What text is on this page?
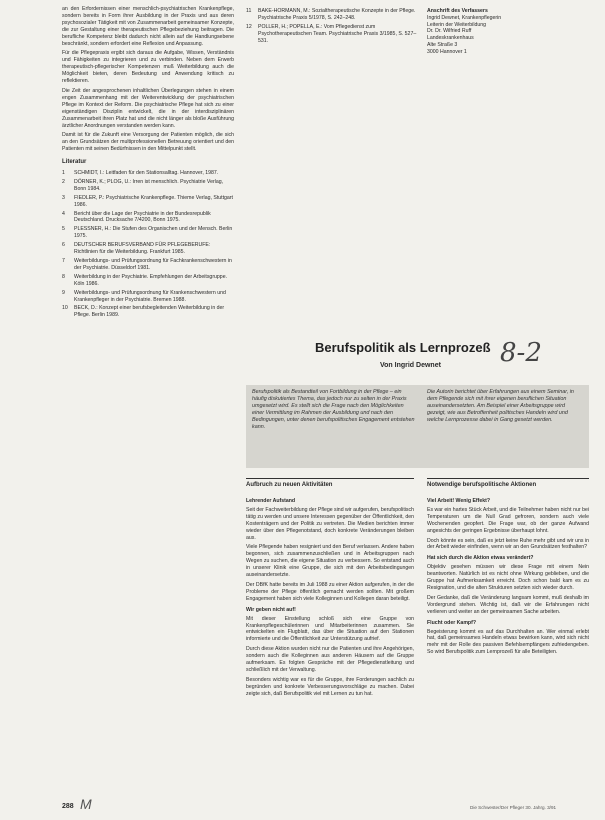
an den Erfordernissen einer menschlich-psychiatrischen Krankenpflege, sondern bereits in Form ihrer Ausbildung in der Praxis und aus deren psychosozialer Tätigkeit mit von Zusammenarbeit gemeinsamer Konzepte, die zur Gestaltung einer therapeutischen Pflegebeziehung beitragen. Die berufliche Kompetenz bleibt dadurch nicht allein auf die Handlungsebene beschränkt, sondern erfordert eine Reflexion und Anpassung.

Für die Pflegepraxis ergibt sich daraus die Aufgabe, Wissen, Verständnis und Fähigkeiten zu integrieren und zu verbinden. Neben dem Erwerb therapeutisch-pflegerischer Kompetenzen muß Weiterbildung auch die Möglichkeit bieten, deren Bedeutung und Anwendung kritisch zu reflektieren.

Die Zeit der angesprochenen inhaltlichen Überlegungen stehen in einem engen Zusammenhang mit der Weiterentwicklung der psychiatrischen Pflege im Kontext der Reform. Die psychiatrische Pflege hat sich zu einer eigenständigen Disziplin entwickelt, die in der interdisziplinären Zusammenarbeit ihren Platz hat und die nicht länger als bloße Ausführung ärztlicher Anordnungen verstanden werden kann.

Damit ist für die Zukunft eine Versorgung der Patienten möglich, die sich an den Grundsätzen der multiprofessionellen Betreuung orientiert und den Patienten mit seinen Bedürfnissen in den Mittelpunkt stellt.

Literatur
1	SCHMIDT, I.: Leitfaden für den Stationsalltag. Hannover, 1987.
2	DÖRNER, K.; PLOG, U.: Irren ist menschlich. Psychiatrie Verlag, Bonn 1984.
3	FIEDLER, P.: Psychiatrische Krankenpflege. Thieme Verlag, Stuttgart 1986.
4	Bericht über die Lage der Psychiatrie in der Bundesrepublik Deutschland. Drucksache 7/4200, Bonn 1975.
5	PLESSNER, H.: Die Stufen des Organischen und der Mensch. Berlin 1975.
6	DEUTSCHER BERUFSVERBAND FÜR PFLEGEBERUFE: Richtlinien für die Weiterbildung. Frankfurt 1985.
7	Weiterbildungs- und Prüfungsordnung für Fachkrankenschwestern in der Psychiatrie. Düsseldorf 1981.
8	Weiterbildung in der Psychiatrie. Empfehlungen der Arbeitsgruppe. Köln 1986.
9	Weiterbildungs- und Prüfungsordnung für Krankenschwestern und Krankenpfleger in der Psychiatrie. Bremen 1988.
10	BECK, D.: Konzept einer berufsbegleitenden Weiterbildung in der Pflege. Berlin 1989.
11	BAKE-HORMANN, M.: Sozialtherapeutische Konzepte in der Pflege. Psychiatrische Praxis 5/1978, S. 242–248.
12	POLLER, H.; POPELLA, E.: Vom Pflegedienst zum Psychotherapeutischen Team. Psychiatrische Praxis 3/1985, S. 527–531.
Anschrift des Verfassers
Ingrid Dewnet, Krankenpflegerin
Leiterin der Weiterbildung
Dr. Dr. Wilfried Ruff
Landeskrankenhaus
Alte Straße 3
3000 Hannover 1
Berufspolitik als Lernprozeß
Von Ingrid Dewnet 8-2
Berufspolitik als Bestandteil von Fortbildung in der Pflege – ein häufig diskutiertes Thema, das jedoch nur zu selten in der Praxis umgesetzt wird. Es stellt sich die Frage nach den Möglichkeiten einer Vermittlung im Rahmen der Ausbildung und nach den Bedingungen, unter denen berufspolitisches Engagement entstehen kann.
Die Autorin berichtet über Erfahrungen aus einem Seminar, in dem Pflegende sich mit ihrer eigenen beruflichen Situation auseinandersetzten. Am Beispiel einer Arbeitsgruppe wird gezeigt, wie aus Betroffenheit politisches Handeln wird und welche Lernprozesse dabei in Gang gesetzt werden.
Aufbruch zu neuen Aktivitäten	Notwendige berufspolitische Aktionen
Lehrender Aufstand

Seit der Fachweiterbildung der Pflege sind wir aufgerufen, berufspolitisch tätig zu werden und unsere Interessen gegenüber der Öffentlichkeit, den Kostenträgern und der Politik zu vertreten. Die Medien berichten immer wieder über den Pflegenotstand, doch konkrete Veränderungen bleiben aus.

Viele Pflegende haben resigniert und den Beruf verlassen. Andere haben begonnen, sich zusammenzuschließen und in Arbeitsgruppen nach Wegen zu suchen, die eigene Situation zu verbessern. So entstand auch in unserer Klinik eine Gruppe, die sich mit den Arbeitsbedingungen auseinandersetzte.

Der DBfK hatte bereits im Juli 1988 zu einer Aktion aufgerufen, in der die Probleme der Pflege öffentlich gemacht werden sollten. Mit großem Engagement haben sich viele Kolleginnen und Kollegen daran beteiligt.

Wir geben nicht auf!

Mit dieser Einstellung schloß sich eine Gruppe von Krankenpflegeschülerinnen und Mitarbeiterinnen zusammen. Sie entwickelten ein Flugblatt, das über die Situation auf den Stationen informierte und die Öffentlichkeit zur Unterstützung aufrief.

Durch diese Aktion wurden nicht nur die Patienten und ihre Angehörigen, sondern auch die Kolleginnen aus anderen Häusern auf die Gruppe aufmerksam. Es folgten Gespräche mit der Pflegedienstleitung und schließlich mit der Verwaltung.

Besonders wichtig war es für die Gruppe, ihre Forderungen sachlich zu begründen und konkrete Verbesserungsvorschläge zu machen. Dabei zeigte sich, daß Berufspolitik viel mit Lernen zu tun hat.

Viel Arbeit! Wenig Effekt?

Es war ein hartes Stück Arbeit, und die Teilnehmer haben nicht nur bei Temperaturen um die Null Grad gefroren, sondern auch viele Wochenenden geopfert. Die Frage war, ob der ganze Aufwand angesichts der geringen Ergebnisse überhaupt lohnt.

Doch könnte es sein, daß es jetzt keine Ruhe mehr gibt und wir uns in der Arbeit wieder einfinden, wenn wir an den Grundsätzen festhalten?

Hat sich durch die Aktion etwas verändert?

Objektiv gesehen müssen wir diese Frage mit einem Nein beantworten. Natürlich ist es nicht ohne Wirkung geblieben, und die Gruppe hat Aufmerksamkeit erreicht. Doch schon bald kam es zu Resignation, und die alten Strukturen setzten sich wieder durch.

Der Gedanke, daß die Veränderung langsam kommt, muß deshalb im Vordergrund stehen. Wichtig ist, daß wir die Erfahrungen nicht verlieren und weiter an der gemeinsamen Sache arbeiten.

Flucht oder Kampf?

Begeisterung kommt es auf das Durchhalten an. Wer einmal erlebt hat, daß gemeinsames Handeln etwas bewirken kann, wird sich nicht mehr mit der Rolle des passiven Befehlsempfängers zufriedengeben. So wird Berufspolitik zum Lernprozeß für alle Beteiligten.

288 M	Die Schwester/Der Pfleger 30. Jahrg. 3/91
